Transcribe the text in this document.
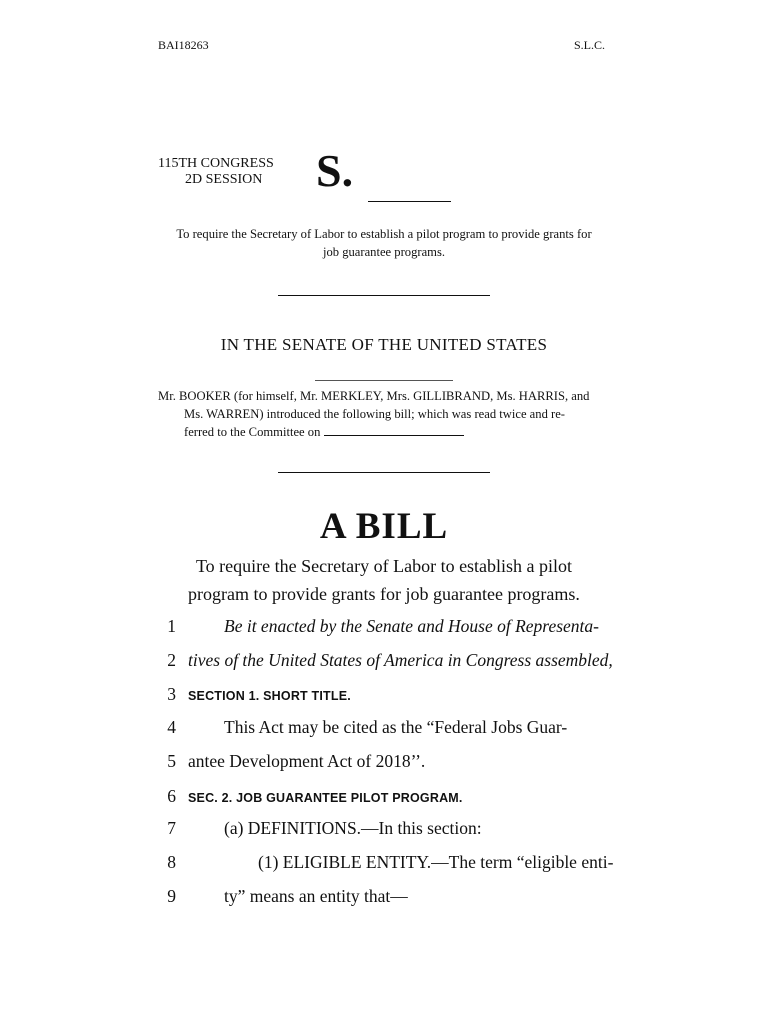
BAI18263	S.L.C.
115TH CONGRESS
2D SESSION S.
To require the Secretary of Labor to establish a pilot program to provide grants for job guarantee programs.
IN THE SENATE OF THE UNITED STATES
Mr. BOOKER (for himself, Mr. MERKLEY, Mrs. GILLIBRAND, Ms. HARRIS, and
Ms. WARREN) introduced the following bill; which was read twice and re-
ferred to the Committee on
A BILL
To require the Secretary of Labor to establish a pilot program to provide grants for job guarantee programs.
1	Be it enacted by the Senate and House of Representa-
2 tives of the United States of America in Congress assembled,
3 SECTION 1. SHORT TITLE.
4	This Act may be cited as the “Federal Jobs Guar-
5 antee Development Act of 2018’’.
6 SEC. 2. JOB GUARANTEE PILOT PROGRAM.
7	(a) DEFINITIONS.—In this section:
8	(1) ELIGIBLE ENTITY.—The term “eligible enti-
9	ty” means an entity that—
